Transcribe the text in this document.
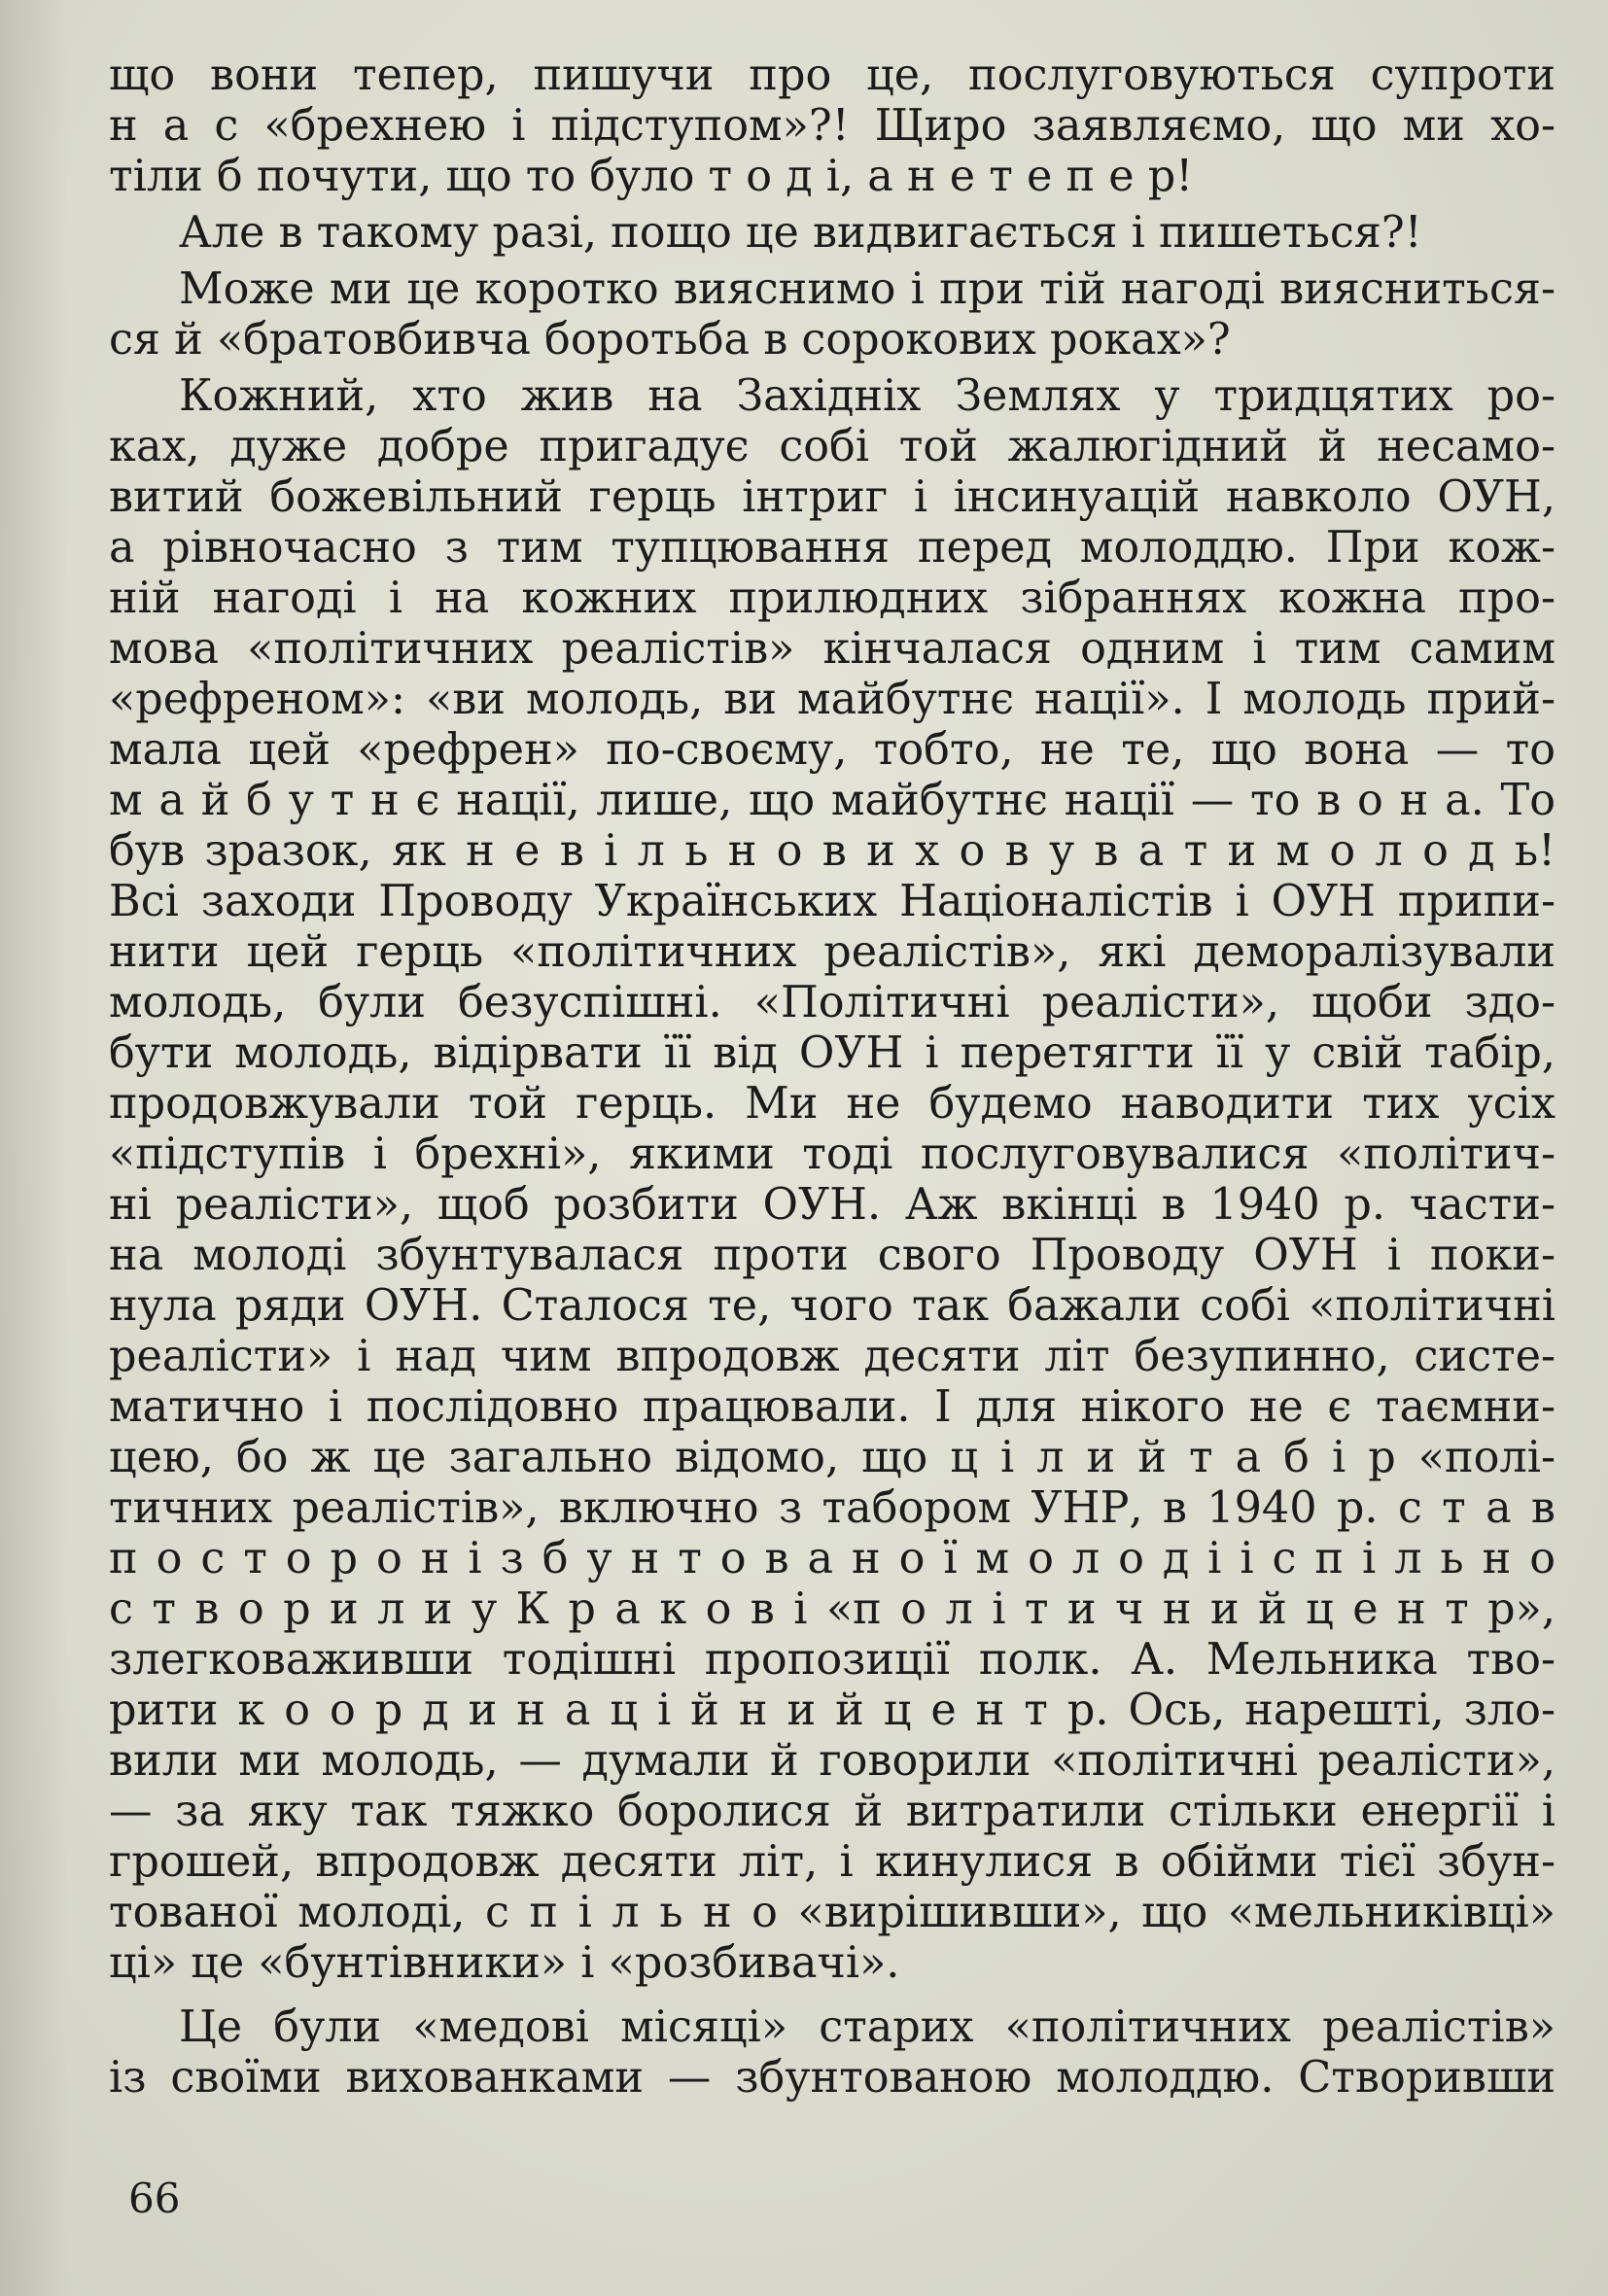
що вони тепер, пишучи про це, послуговуються супроти
н а с «брехнею і підступом»?! Щиро заявляємо, що ми хо-
тіли б почути, що то було т о д і, а н е т е п е р!
Але в такому разі, пощо це видвигається і пишеться?!
Може ми це коротко вияснимо і при тій нагоді виясниться-
ся й «братовбивча боротьба в сорокових роках»?
Кожний, хто жив на Західніх Землях у тридцятих ро-
ках, дуже добре пригадує собі той жалюгідний й несамо-
витий божевільний герць інтриг і інсинуацій навколо ОУН,
а рівночасно з тим тупцювання перед молоддю. При кож-
ній нагоді і на кожних прилюдних зібраннях кожна про-
мова «політичних реалістів» кінчалася одним і тим самим
«рефреном»: «ви молодь, ви майбутнє нації». І молодь прий-
мала цей «рефрен» по-своєму, тобто, не те, що вона — то
м а й б у т н є нації, лише, що майбутнє нації — то в о н а. То
був зразок, як н е в і л ь н о в и х о в у в а т и м о л о д ь!
Всі заходи Проводу Українських Націоналістів і ОУН припи-
нити цей герць «політичних реалістів», які деморалізували
молодь, були безуспішні. «Політичні реалісти», щоби здо-
бути молодь, відірвати її від ОУН і перетягти її у свій табір,
продовжували той герць. Ми не будемо наводити тих усіх
«підступів і брехні», якими тоді послуговувалися «політич-
ні реалісти», щоб розбити ОУН. Аж вкінці в 1940 р. части-
на молоді збунтувалася проти свого Проводу ОУН і поки-
нула ряди ОУН. Сталося те, чого так бажали собі «політичні
реалісти» і над чим впродовж десяти літ безупинно, систе-
матично і послідовно працювали. І для нікого не є таємни-
цею, бо ж це загально відомо, що ц і л и й т а б і р «полі-
тичних реалістів», включно з табором УНР, в 1940 р. с т а в
п о с т о р о н і з б у н т о в а н о ї м о л о д і і с п і л ь н о
с т в о р и л и у К р а к о в і «п о л і т и ч н и й ц е н т р»,
злегковаживши тодішні пропозиції полк. А. Мельника тво-
рити к о о р д и н а ц і й н и й ц е н т р. Ось, нарешті, зло-
вили ми молодь, — думали й говорили «політичні реалісти»,
— за яку так тяжко боролися й витратили стільки енергії і
грошей, впродовж десяти літ, і кинулися в обійми тієї збун-
тованої молоді, с п і л ь н о «вирішивши», що «мельниківці»
ці» це «бунтівники» і «розбивачі».
Це були «медові місяці» старих «політичних реалістів»
із своїми вихованками — збунтованою молоддю. Створивши
66
